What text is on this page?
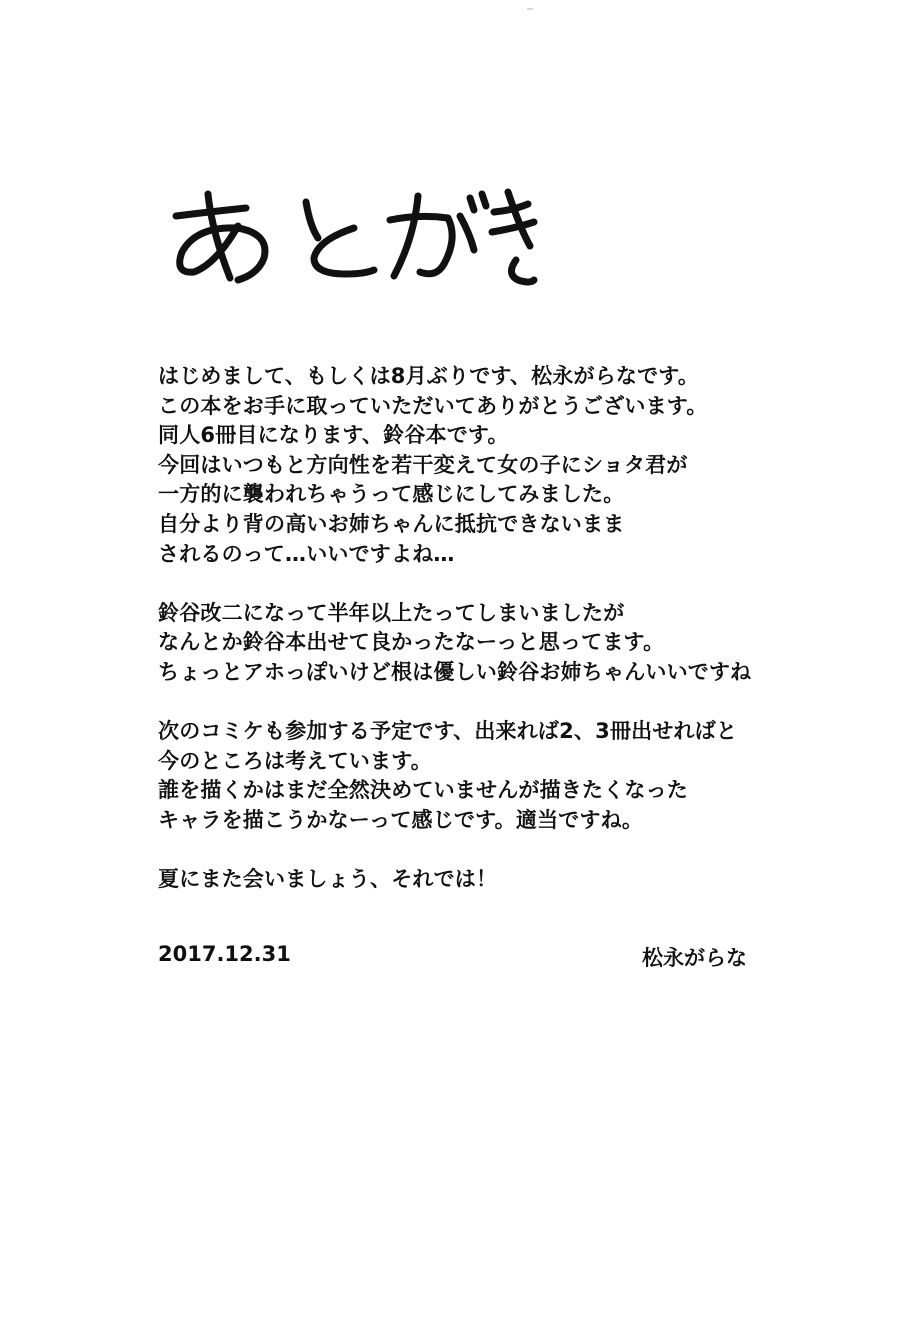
はじめまして、もしくは8月ぶりです、松永がらなです。
この本をお手に取っていただいてありがとうございます。
同人6冊目になります、鈴谷本です。
今回はいつもと方向性を若干変えて女の子にショタ君が
一方的に襲われちゃうって感じにしてみました。
自分より背の高いお姉ちゃんに抵抗できないまま
されるのって…いいですよね…
鈴谷改二になって半年以上たってしまいましたが
なんとか鈴谷本出せて良かったなーっと思ってます。
ちょっとアホっぽいけど根は優しい鈴谷お姉ちゃんいいですね
次のコミケも参加する予定です、出来れば2、3冊出せればと
今のところは考えています。
誰を描くかはまだ全然決めていませんが描きたくなった
キャラを描こうかなーって感じです。適当ですね。
夏にまた会いましょう、それでは！
2017.12.31	松永がらな
